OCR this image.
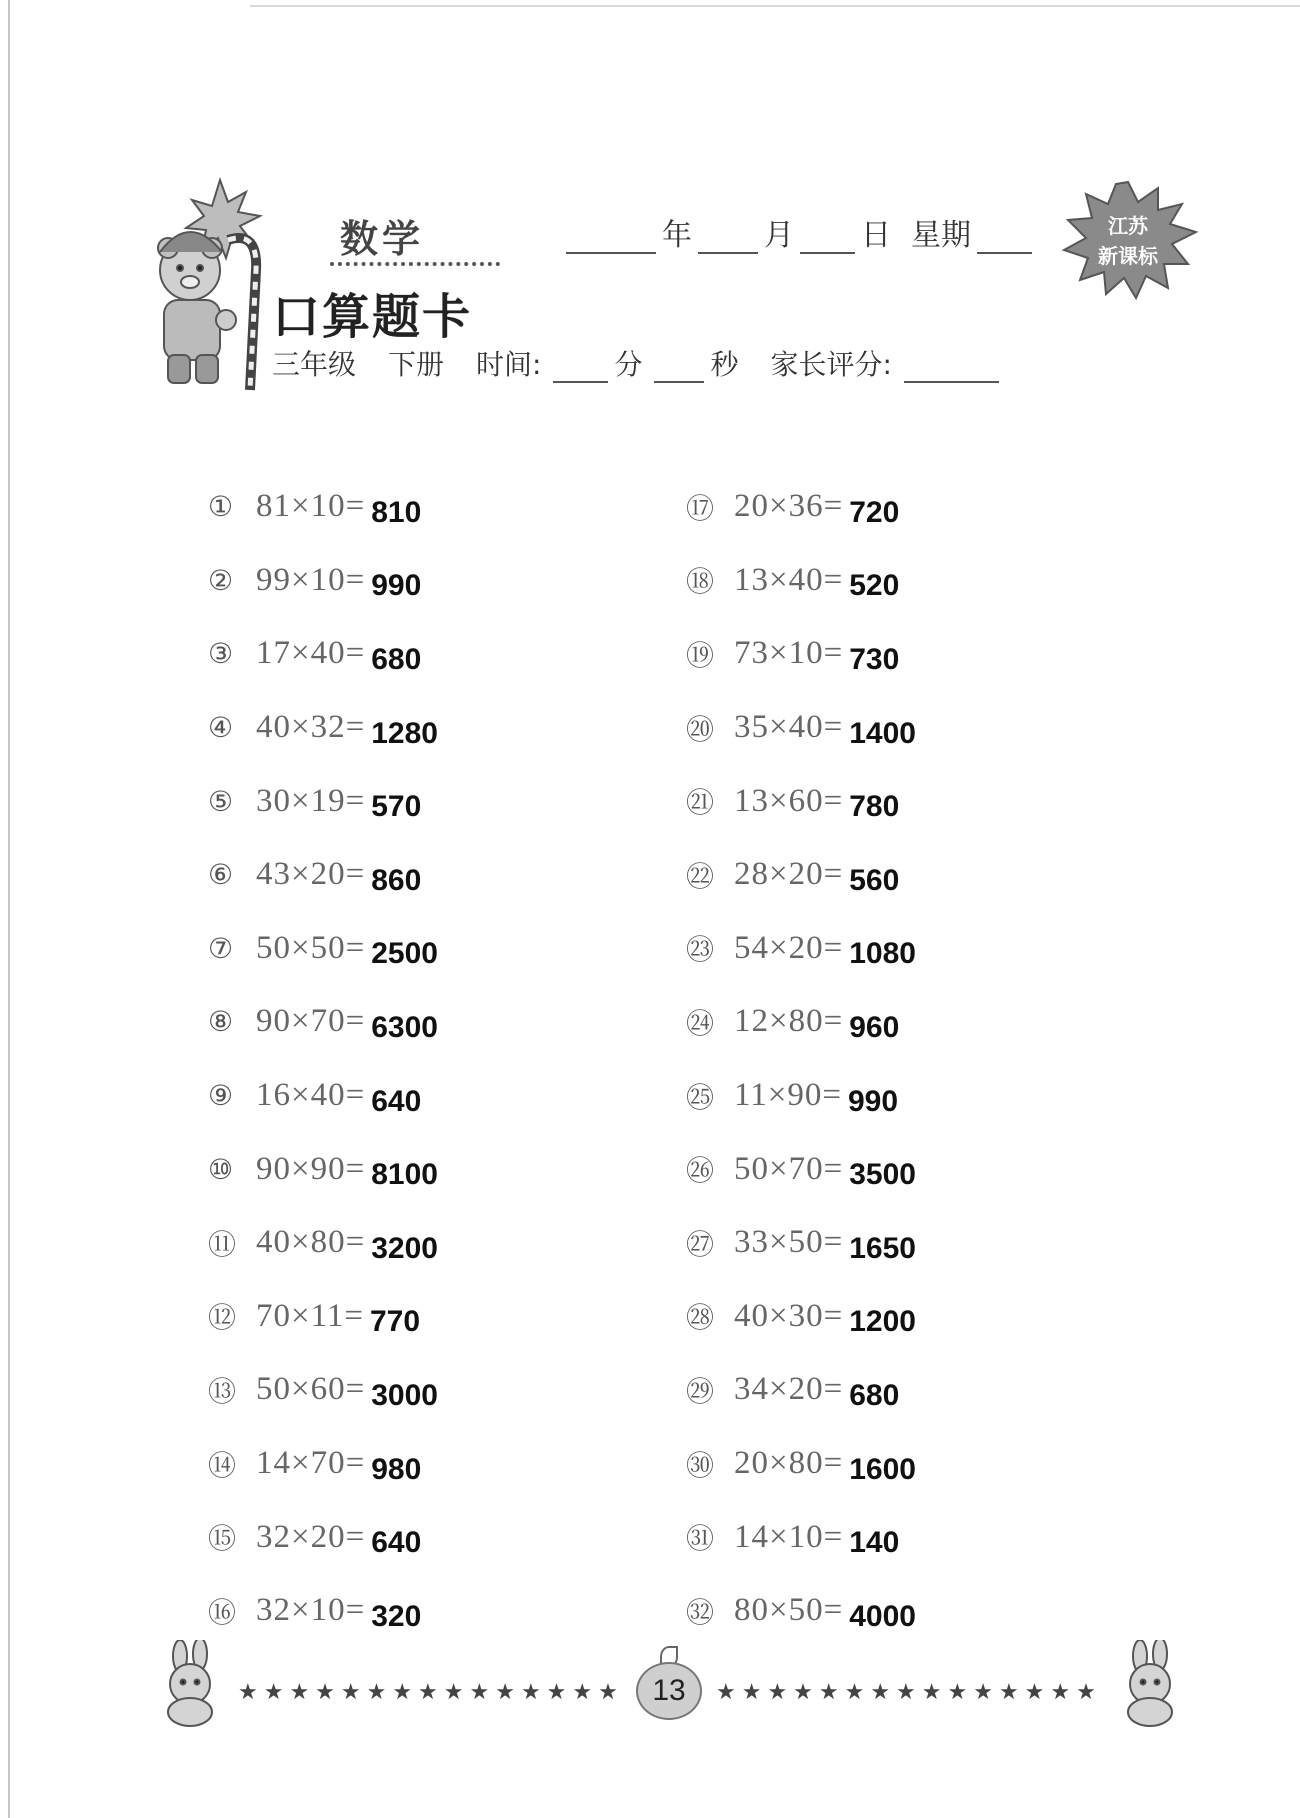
数学	年 月 日 星期
口算题卡
三年级 下册 时间:	分 秒 家长评分:
江苏
新课标
① 81×10= 810
② 99×10= 990
③ 17×40= 680
④ 40×32= 1280
⑤ 30×19= 570
⑥ 43×20= 860
⑦ 50×50= 2500
⑧ 90×70= 6300
⑨ 16×40= 640
⑩ 90×90= 8100
⑪ 40×80= 3200
⑫ 70×11= 770
⑬ 50×60= 3000
⑭ 14×70= 980
⑮ 32×20= 640
⑯ 32×10= 320
⑰ 20×36= 720
⑱ 13×40= 520
⑲ 73×10= 730
⑳ 35×40= 1400
㉑ 13×60= 780
㉒ 28×20= 560
㉓ 54×20= 1080
㉔ 12×80= 960
㉕ 11×90= 990
㉖ 50×70= 3500
㉗ 33×50= 1650
㉘ 40×30= 1200
㉙ 34×20= 680
㉚ 20×80= 1600
㉛ 14×10= 140
㉜ 80×50= 4000
★★★★★★★★★★★★★★★ 13	★★★★★★★★★★★★★★★
